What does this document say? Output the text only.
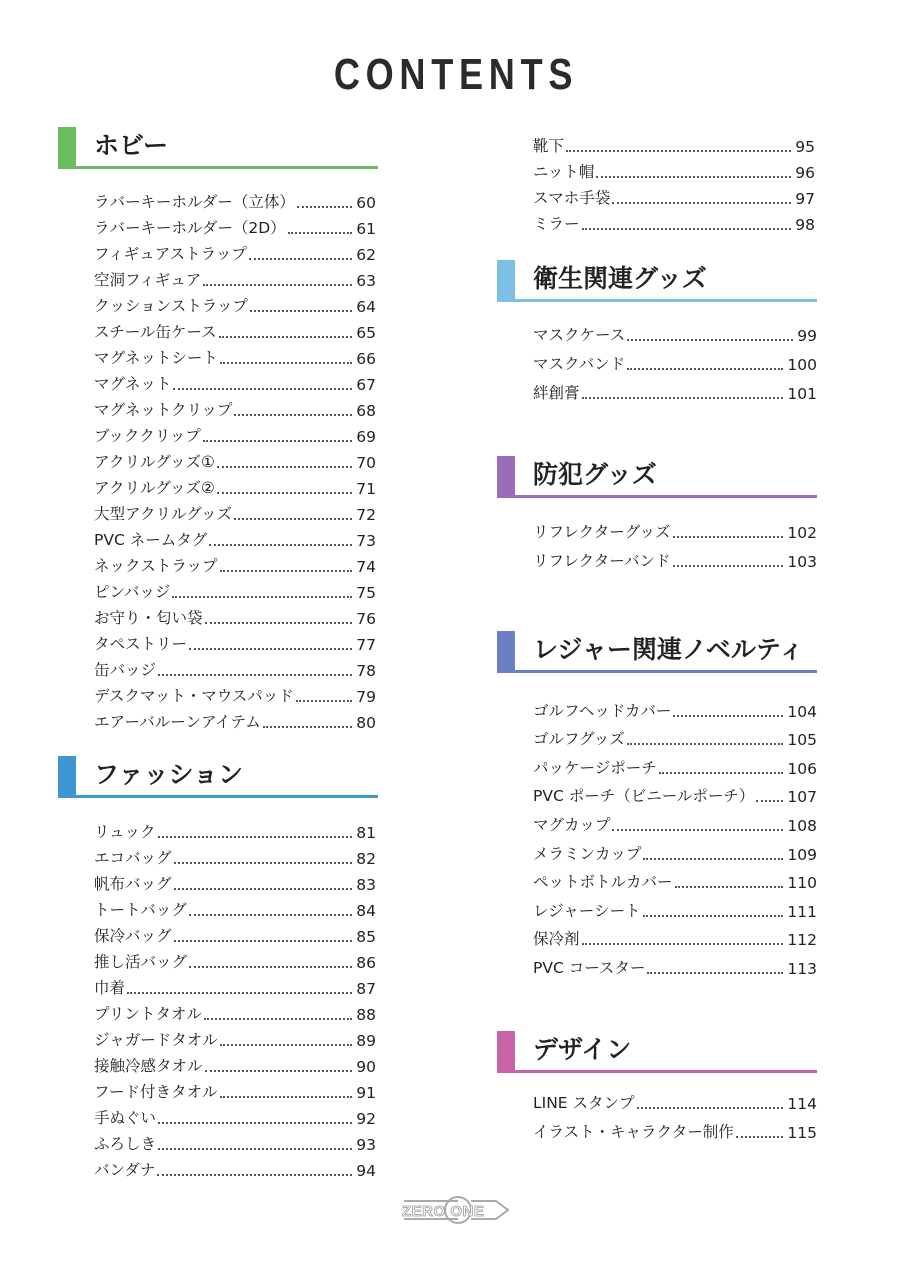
CONTENTS
ホビー
ラバーキーホルダー（立体）	60
ラバーキーホルダー（2D）	61
フィギュアストラップ	62
空洞フィギュア	63
クッションストラップ	64
スチール缶ケース	65
マグネットシート	66
マグネット	67
マグネットクリップ	68
ブッククリップ	69
アクリルグッズ①	70
アクリルグッズ②	71
大型アクリルグッズ	72
PVC ネームタグ	73
ネックストラップ	74
ピンバッジ	75
お守り・匂い袋	76
タペストリー	77
缶バッジ	78
デスクマット・マウスパッド	79
エアーバルーンアイテム	80
ファッション
リュック	81
エコバッグ	82
帆布バッグ	83
トートバッグ	84
保冷バッグ	85
推し活バッグ	86
巾着	87
プリントタオル	88
ジャガードタオル	89
接触冷感タオル	90
フード付きタオル	91
手ぬぐい	92
ふろしき	93
バンダナ	94
靴下	95
ニット帽	96
スマホ手袋	97
ミラー	98
衛生関連グッズ
マスクケース	99
マスクバンド	100
絆創膏	101
防犯グッズ
リフレクターグッズ	102
リフレクターバンド	103
レジャー関連ノベルティ
ゴルフヘッドカバー	104
ゴルフグッズ	105
パッケージポーチ	106
PVC ポーチ（ビニールポーチ） 107
マグカップ	108
メラミンカップ	109
ペットボトルカバー	110
レジャーシート	111
保冷剤	112
PVC コースター	113
デザイン
LINE スタンプ	114
イラスト・キャラクター制作	115
ZERO ONE
